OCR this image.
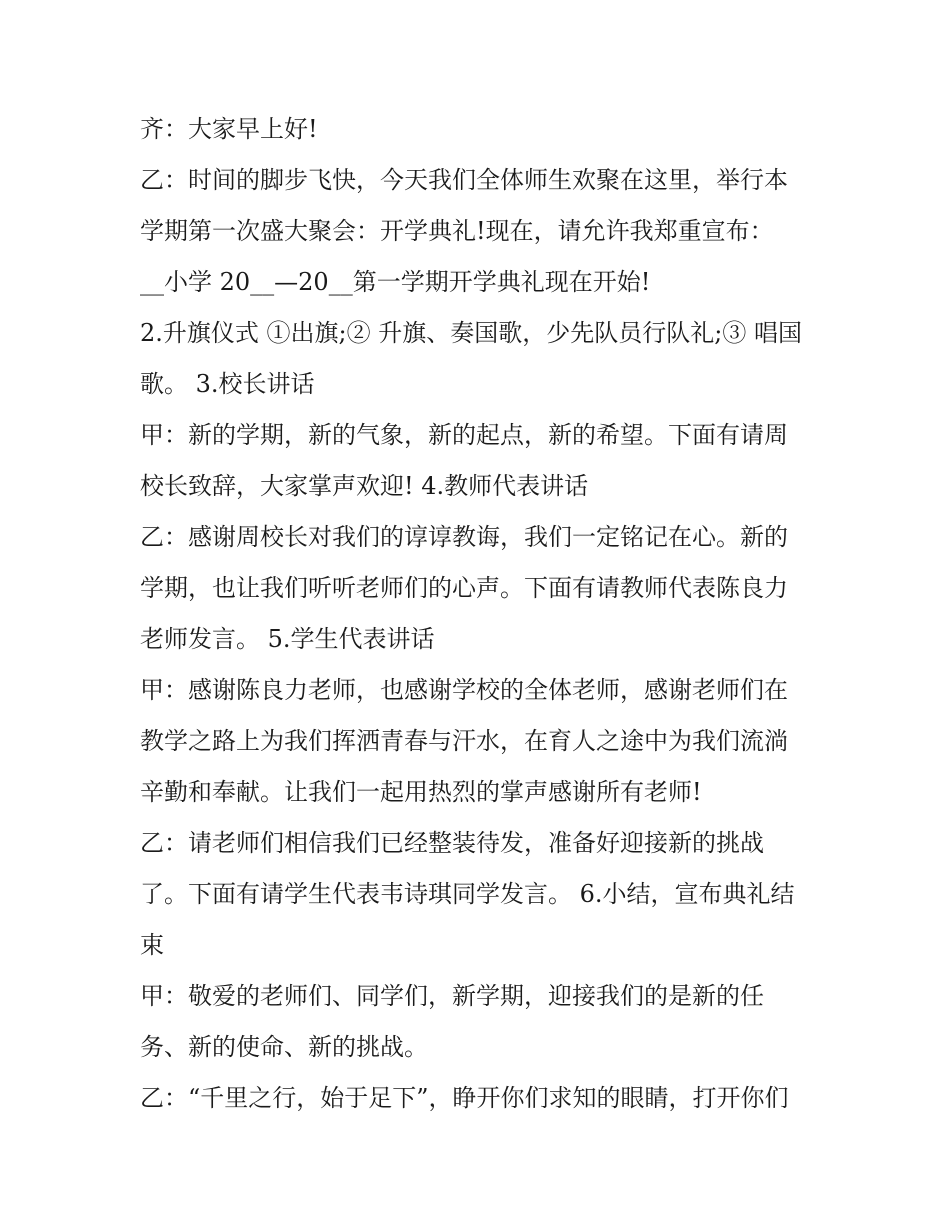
齐：大家早上好!
乙：时间的脚步飞快，今天我们全体师生欢聚在这里，举行本
学期第一次盛大聚会：开学典礼!现在，请允许我郑重宣布：
__小学 20__—20__第一学期开学典礼现在开始!
2.升旗仪式 ①出旗;② 升旗、奏国歌，少先队员行队礼;③ 唱国
歌。 3.校长讲话
甲：新的学期，新的气象，新的起点，新的希望。下面有请周
校长致辞，大家掌声欢迎! 4.教师代表讲话
乙：感谢周校长对我们的谆谆教诲，我们一定铭记在心。新的
学期，也让我们听听老师们的心声。下面有请教师代表陈良力
老师发言。 5.学生代表讲话
甲：感谢陈良力老师，也感谢学校的全体老师，感谢老师们在
教学之路上为我们挥洒青春与汗水，在育人之途中为我们流淌
辛勤和奉献。让我们一起用热烈的掌声感谢所有老师!
乙：请老师们相信我们已经整装待发，准备好迎接新的挑战
了。下面有请学生代表韦诗琪同学发言。 6.小结，宣布典礼结
束
甲：敬爱的老师们、同学们，新学期，迎接我们的是新的任
务、新的使命、新的挑战。
乙：“千里之行，始于足下”，睁开你们求知的眼睛，打开你们
